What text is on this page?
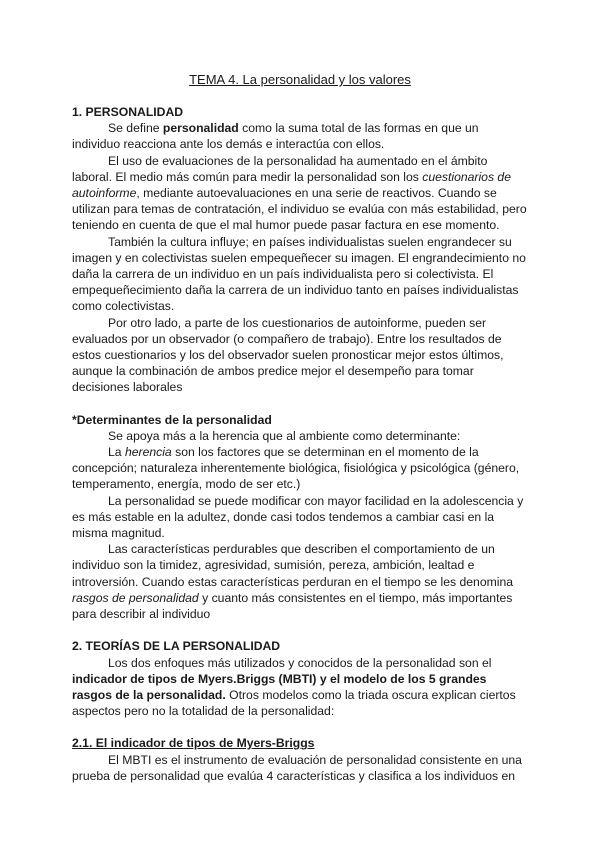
TEMA 4. La personalidad y los valores
1. PERSONALIDAD

Se define personalidad como la suma total de las formas en que un individuo reacciona ante los demás e interactúa con ellos.

El uso de evaluaciones de la personalidad ha aumentado en el ámbito laboral. El medio más común para medir la personalidad son los cuestionarios de autoinforme, mediante autoevaluaciones en una serie de reactivos. Cuando se utilizan para temas de contratación, el individuo se evalúa con más estabilidad, pero teniendo en cuenta de que el mal humor puede pasar factura en ese momento.

También la cultura influye; en países individualistas suelen engrandecer su imagen y en colectivistas suelen empequeñecer su imagen. El engrandecimiento no daña la carrera de un individuo en un país individualista pero si colectivista. El empequeñecimiento daña la carrera de un individuo tanto en países individualistas como colectivistas.

Por otro lado, a parte de los cuestionarios de autoinforme, pueden ser evaluados por un observador (o compañero de trabajo). Entre los resultados de estos cuestionarios y los del observador suelen pronosticar mejor estos últimos, aunque la combinación de ambos predice mejor el desempeño para tomar decisiones laborales

*Determinantes de la personalidad

Se apoya más a la herencia que al ambiente como determinante:

La herencia son los factores que se determinan en el momento de la concepción; naturaleza inherentemente biológica, fisiológica y psicológica (género, temperamento, energía, modo de ser etc.)

La personalidad se puede modificar con mayor facilidad en la adolescencia y es más estable en la adultez, donde casi todos tendemos a cambiar casi en la misma magnitud.

Las características perdurables que describen el comportamiento de un individuo son la timidez, agresividad, sumisión, pereza, ambición, lealtad e introversión. Cuando estas características perduran en el tiempo se les denomina rasgos de personalidad y cuanto más consistentes en el tiempo, más importantes para describir al individuo

2. TEORÍAS DE LA PERSONALIDAD

Los dos enfoques más utilizados y conocidos de la personalidad son el indicador de tipos de Myers.Briggs (MBTI) y el modelo de los 5 grandes rasgos de la personalidad. Otros modelos como la triada oscura explican ciertos aspectos pero no la totalidad de la personalidad:

2.1. El indicador de tipos de Myers-Briggs

El MBTI es el instrumento de evaluación de personalidad consistente en una prueba de personalidad que evalúa 4 características y clasifica a los individuos en
